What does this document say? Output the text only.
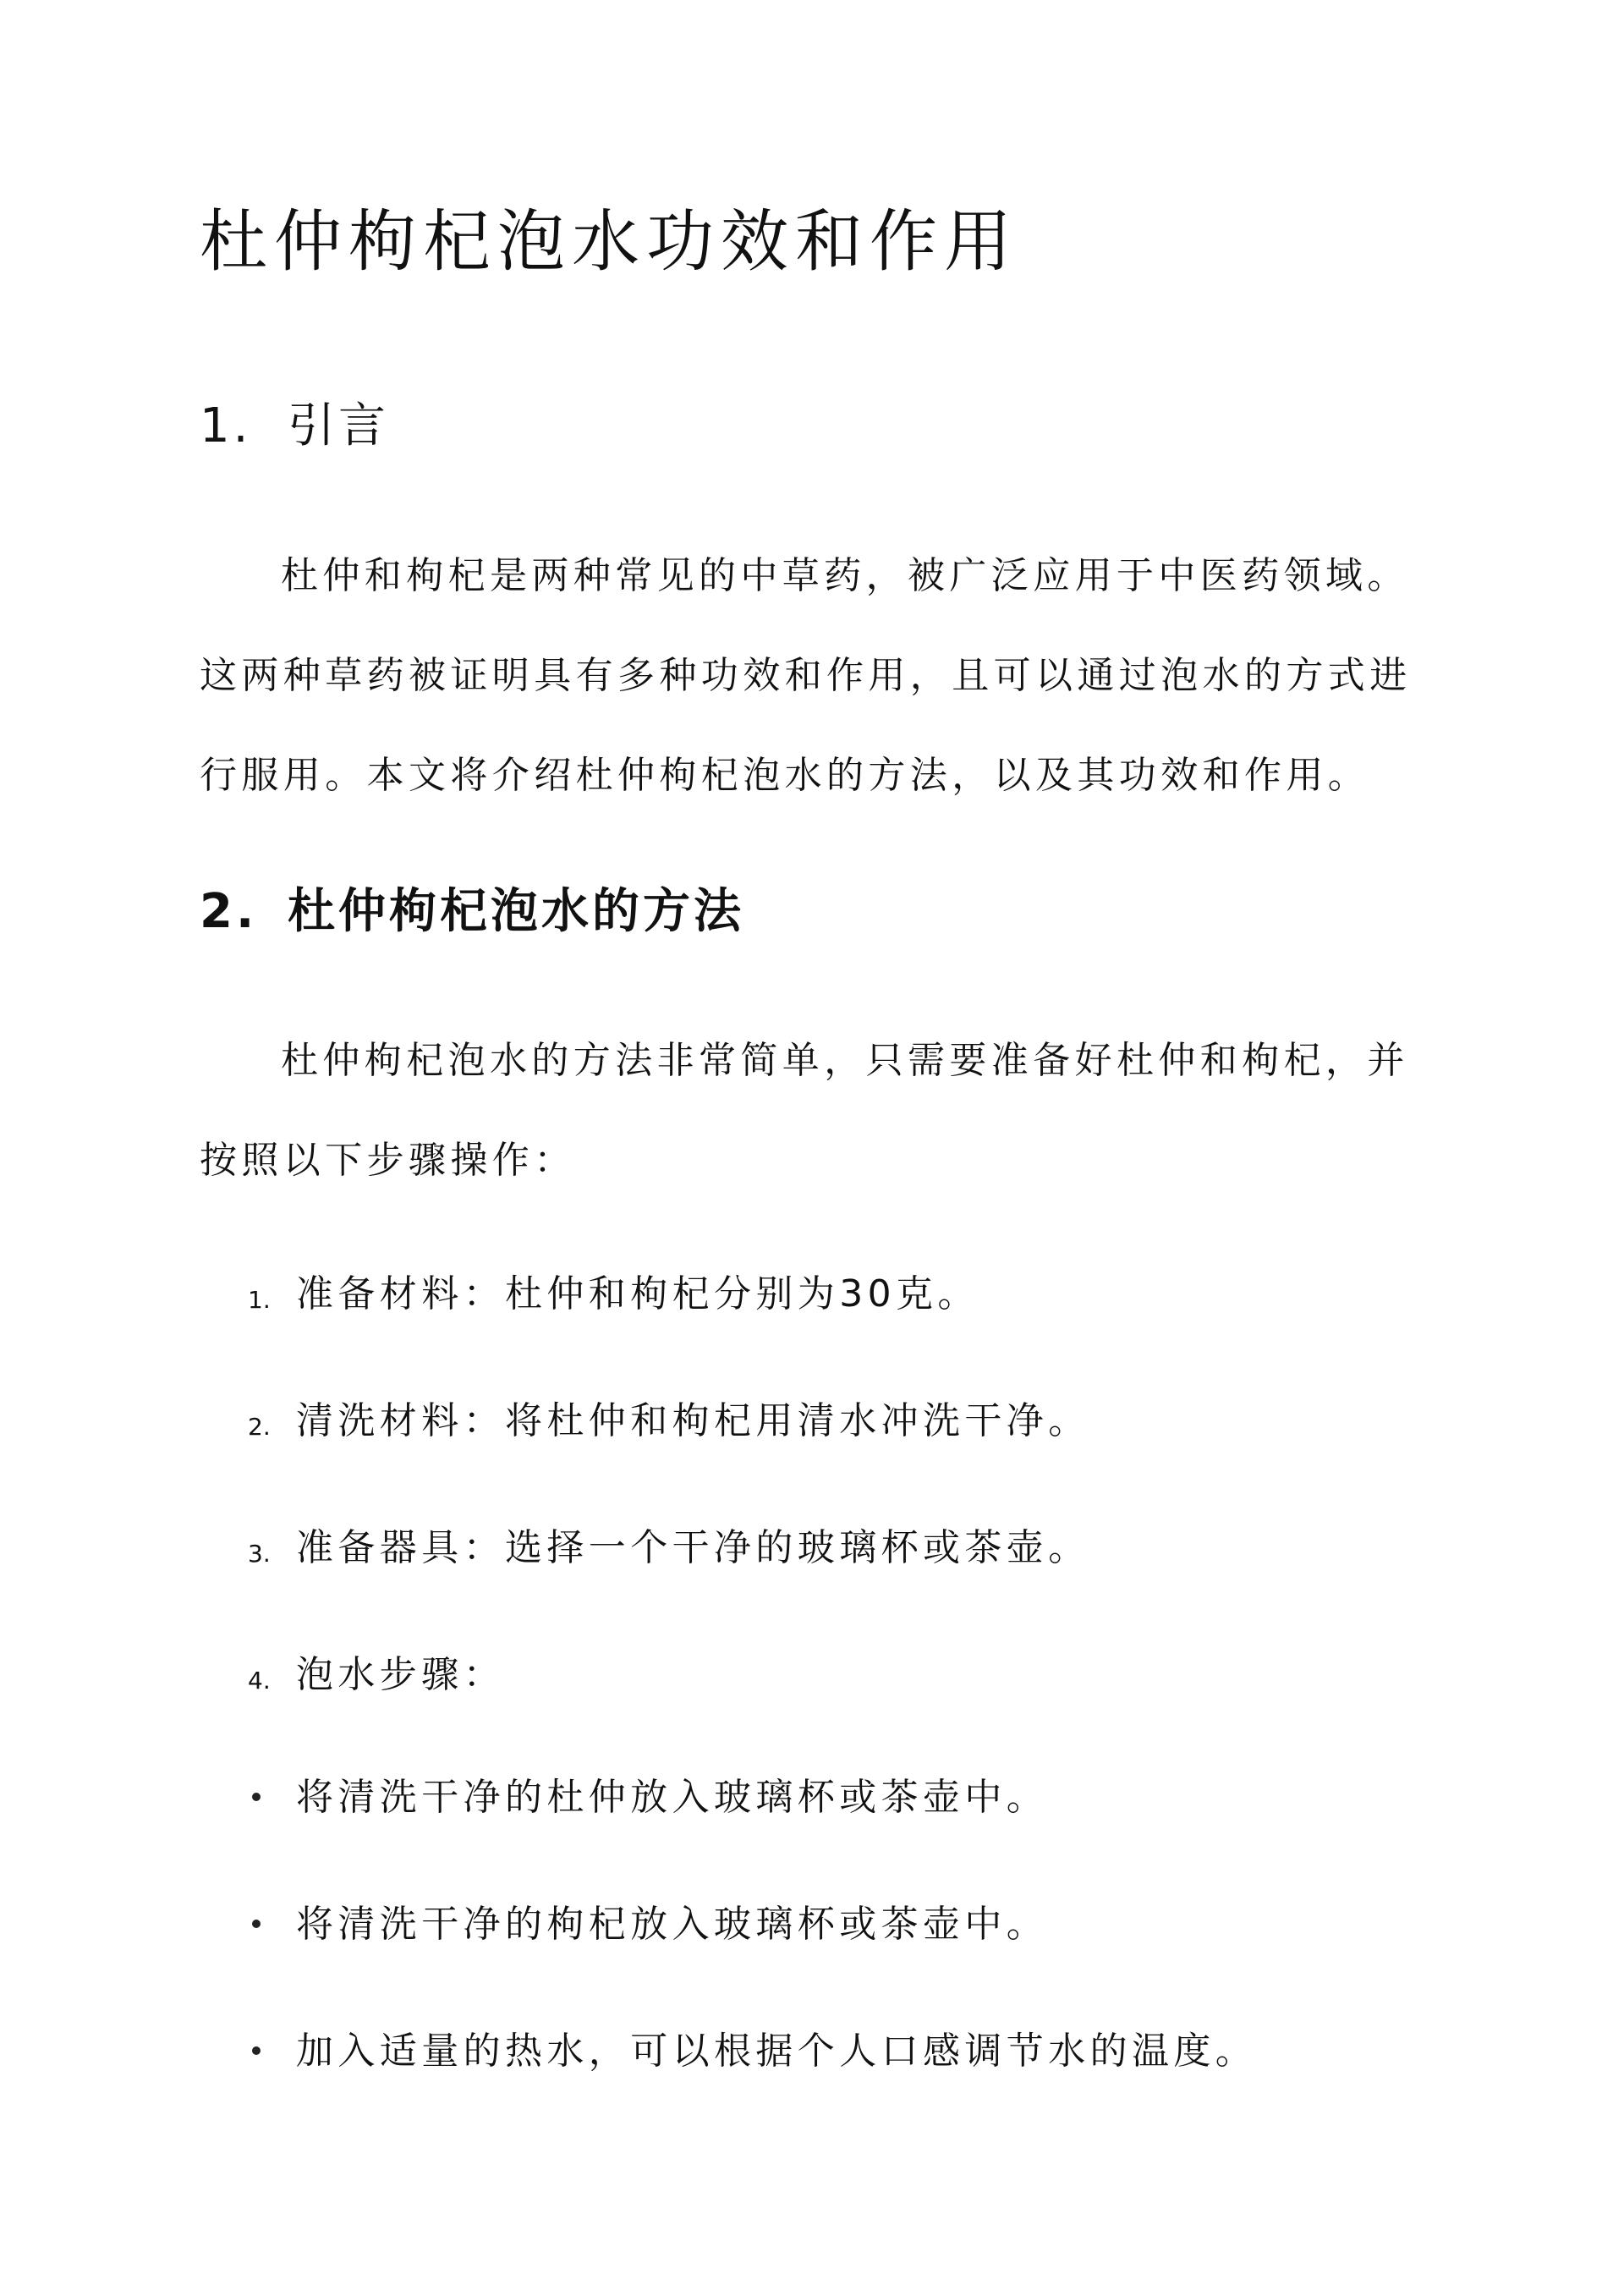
杜仲枸杞泡水功效和作用
1. 引言

杜仲和枸杞是两种常见的中草药，被广泛应用于中医药领域。这两种草药被证明具有多种功效和作用，且可以通过泡水的方式进行服用。本文将介绍杜仲枸杞泡水的方法，以及其功效和作用。

2. 杜仲枸杞泡水的方法

杜仲枸杞泡水的方法非常简单，只需要准备好杜仲和枸杞，并按照以下步骤操作：

1. 准备材料：杜仲和枸杞分别为30克。
2. 清洗材料：将杜仲和枸杞用清水冲洗干净。
3. 准备器具：选择一个干净的玻璃杯或茶壶。
4. 泡水步骤：
将清洗干净的杜仲放入玻璃杯或茶壶中。
将清洗干净的枸杞放入玻璃杯或茶壶中。
加入适量的热水，可以根据个人口感调节水的温度。
